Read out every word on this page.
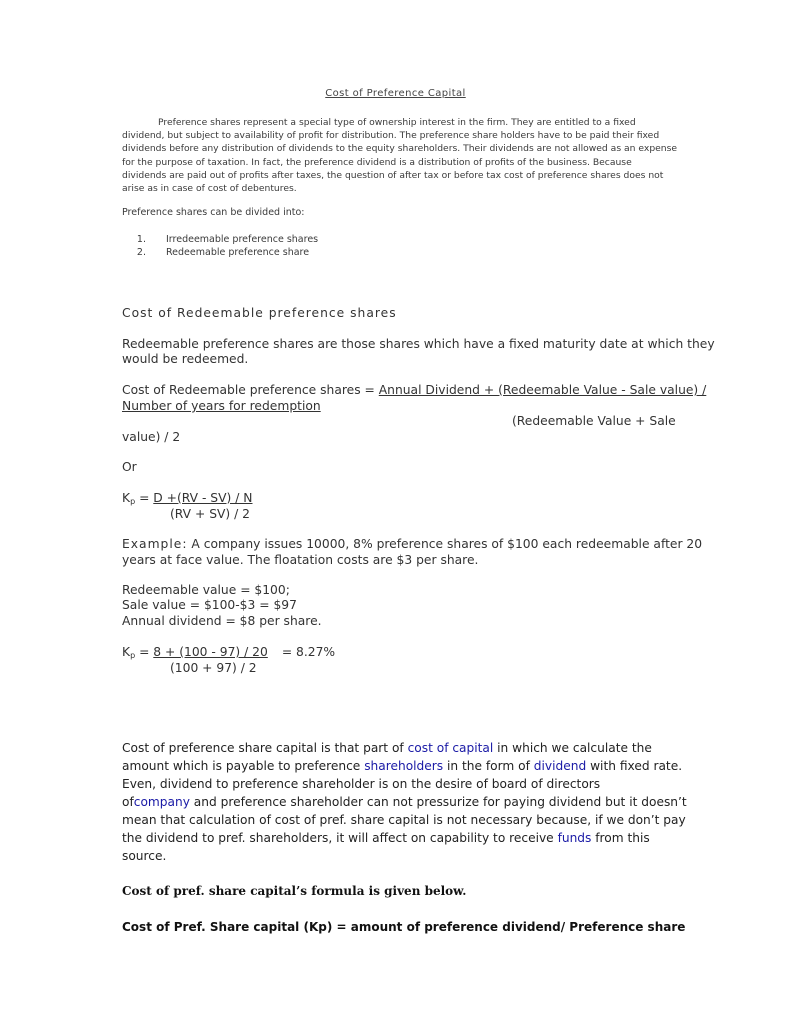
Cost of Preference Capital
Preference shares represent a special type of ownership interest in the firm. They are entitled to a fixed
dividend, but subject to availability of profit for distribution. The preference share holders have to be paid their fixed
dividends before any distribution of dividends to the equity shareholders. Their dividends are not allowed as an expense
for the purpose of taxation. In fact, the preference dividend is a distribution of profits of the business. Because
dividends are paid out of profits after taxes, the question of after tax or before tax cost of preference shares does not
arise as in case of cost of debentures.
Preference shares can be divided into:
1. Irredeemable preference shares
2. Redeemable preference share
Cost of Redeemable preference shares
Redeemable preference shares are those shares which have a fixed maturity date at which they
would be redeemed.
Cost of Redeemable preference shares = Annual Dividend + (Redeemable Value - Sale value) /
Number of years for redemption
(Redeemable Value + Sale
value) / 2
Or
$K_p = D +(RV - SV) / N$
(RV + SV) / 2
Example: A company issues 10000, 8% preference shares of $100 each redeemable after 20
years at face value. The floatation costs are $3 per share.
Redeemable value = $100;
Sale value = $100-$3 = $97
Annual dividend = $8 per share.
$K_p = 8 + (100 - 97) / 20 = 8.27\%$
(100 + 97) / 2
Cost of preference share capital is that part of cost of capital in which we calculate the
amount which is payable to preference shareholders in the form of dividend with fixed rate.
Even, dividend to preference shareholder is on the desire of board of directors
ofcompany and preference shareholder can not pressurize for paying dividend but it doesn’t
mean that calculation of cost of pref. share capital is not necessary because, if we don’t pay
the dividend to pref. shareholders, it will affect on capability to receive funds from this
source.
Cost of pref. share capital’s formula is given below.
Cost of Pref. Share capital (Kp) = amount of preference dividend/ Preference share
